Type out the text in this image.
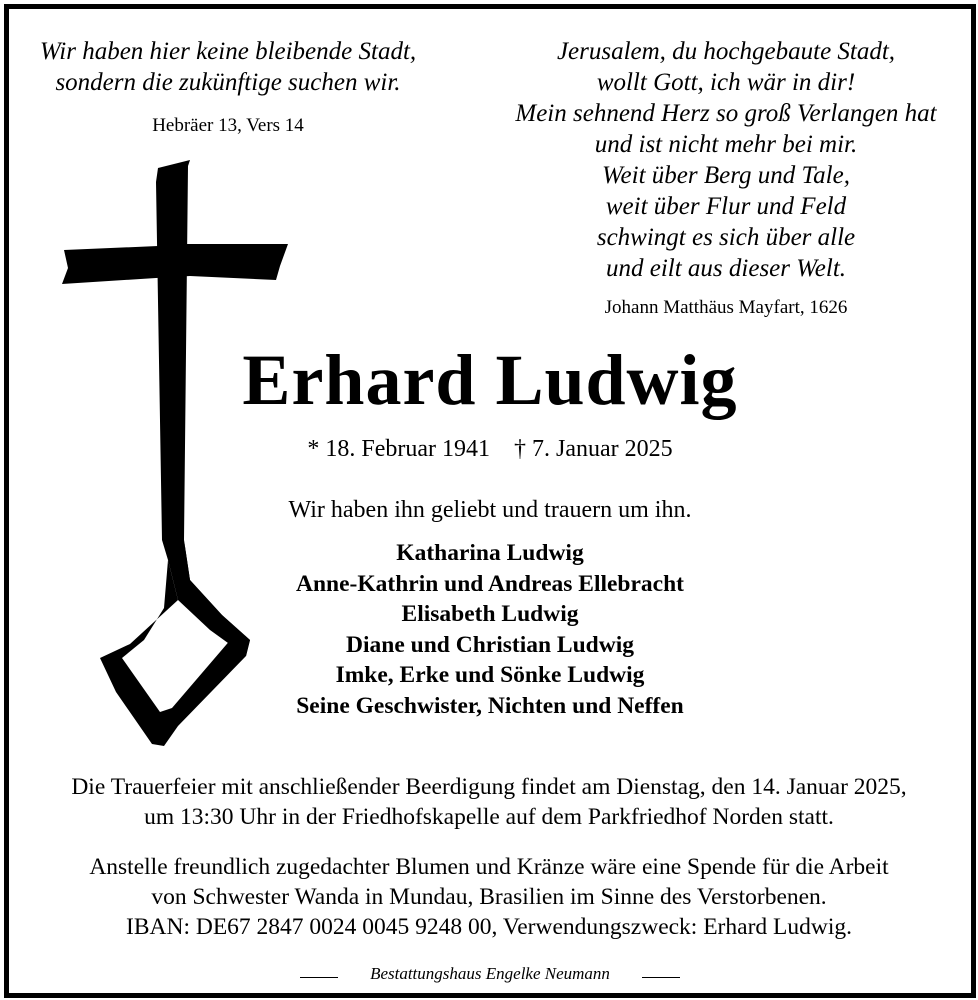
Wir haben hier keine bleibende Stadt,
sondern die zukünftige suchen wir.
Hebräer 13, Vers 14
Jerusalem, du hochgebaute Stadt,
wollt Gott, ich wär in dir!
Mein sehnend Herz so groß Verlangen hat
und ist nicht mehr bei mir.
Weit über Berg und Tale,
weit über Flur und Feld
schwingt es sich über alle
und eilt aus dieser Welt.
Johann Matthäus Mayfart, 1626
Erhard Ludwig
* 18. Februar 1941    † 7. Januar 2025
Wir haben ihn geliebt und trauern um ihn.
Katharina Ludwig
Anne-Kathrin und Andreas Ellebracht
Elisabeth Ludwig
Diane und Christian Ludwig
Imke, Erke und Sönke Ludwig
Seine Geschwister, Nichten und Neffen
Die Trauerfeier mit anschließender Beerdigung findet am Dienstag, den 14. Januar 2025,
um 13:30 Uhr in der Friedhofskapelle auf dem Parkfriedhof Norden statt.
Anstelle freundlich zugedachter Blumen und Kränze wäre eine Spende für die Arbeit
von Schwester Wanda in Mundau, Brasilien im Sinne des Verstorbenen.
IBAN: DE67 2847 0024 0045 9248 00, Verwendungszweck: Erhard Ludwig.
Bestattungshaus Engelke Neumann
